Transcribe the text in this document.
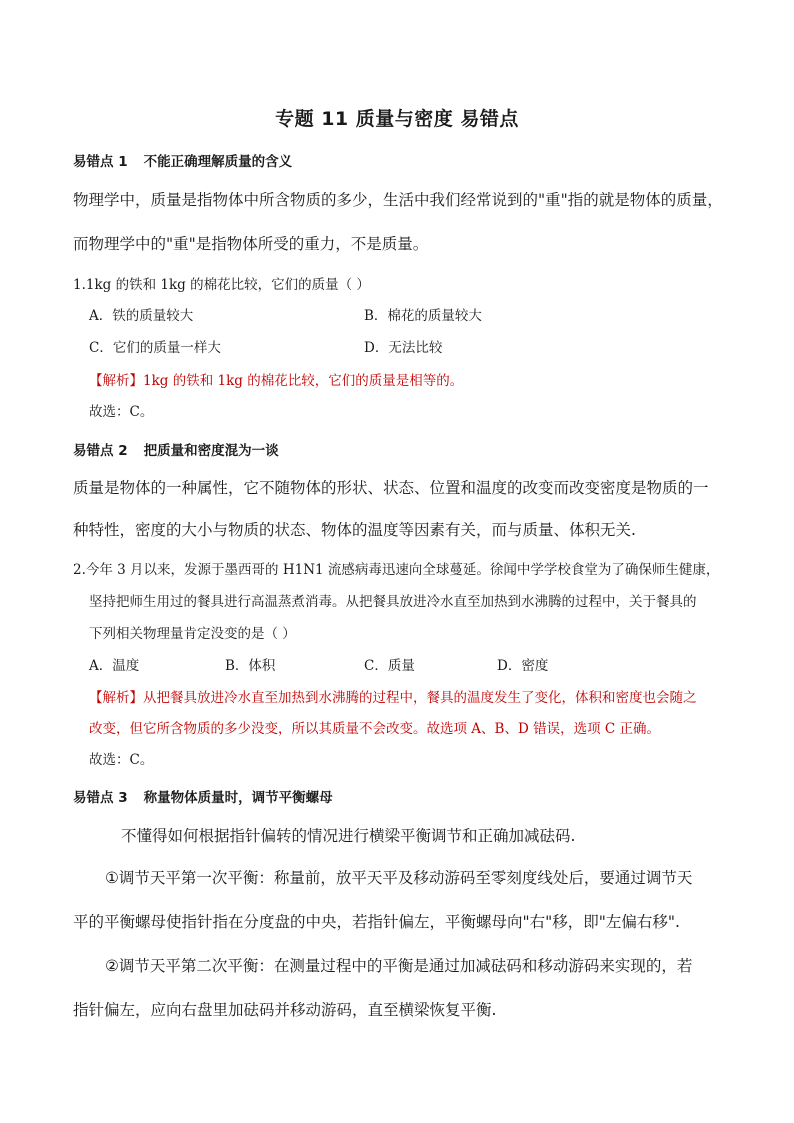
专题 11 质量与密度 易错点
易错点 1 不能正确理解质量的含义
物理学中，质量是指物体中所含物质的多少，生活中我们经常说到的"重"指的就是物体的质量，
而物理学中的"重"是指物体所受的重力，不是质量。
1.1kg 的铁和 1kg 的棉花比较，它们的质量（ ）
A．铁的质量较大	B．棉花的质量较大
C．它们的质量一样大	D．无法比较
【解析】1kg 的铁和 1kg 的棉花比较，它们的质量是相等的。
故选：C。
易错点 2 把质量和密度混为一谈
质量是物体的一种属性，它不随物体的形状、状态、位置和温度的改变而改变密度是物质的一
种特性，密度的大小与物质的状态、物体的温度等因素有关，而与质量、体积无关.
2.今年 3 月以来，发源于墨西哥的 H1N1 流感病毒迅速向全球蔓延。徐闻中学学校食堂为了确保师生健康，
坚持把师生用过的餐具进行高温蒸煮消毒。从把餐具放进冷水直至加热到水沸腾的过程中，关于餐具的
下列相关物理量肯定没变的是（ ）
A．温度	B．体积	C．质量	D．密度
【解析】从把餐具放进冷水直至加热到水沸腾的过程中，餐具的温度发生了变化，体积和密度也会随之
改变，但它所含物质的多少没变，所以其质量不会改变。故选项 A、B、D 错误，选项 C 正确。
故选：C。
易错点 3 称量物体质量时，调节平衡螺母
不懂得如何根据指针偏转的情况进行横梁平衡调节和正确加减砝码.
①调节天平第一次平衡：称量前，放平天平及移动游码至零刻度线处后，要通过调节天
平的平衡螺母使指针指在分度盘的中央，若指针偏左，平衡螺母向"右"移，即"左偏右移".
②调节天平第二次平衡：在测量过程中的平衡是通过加减砝码和移动游码来实现的，若
指针偏左，应向右盘里加砝码并移动游码，直至横梁恢复平衡.
